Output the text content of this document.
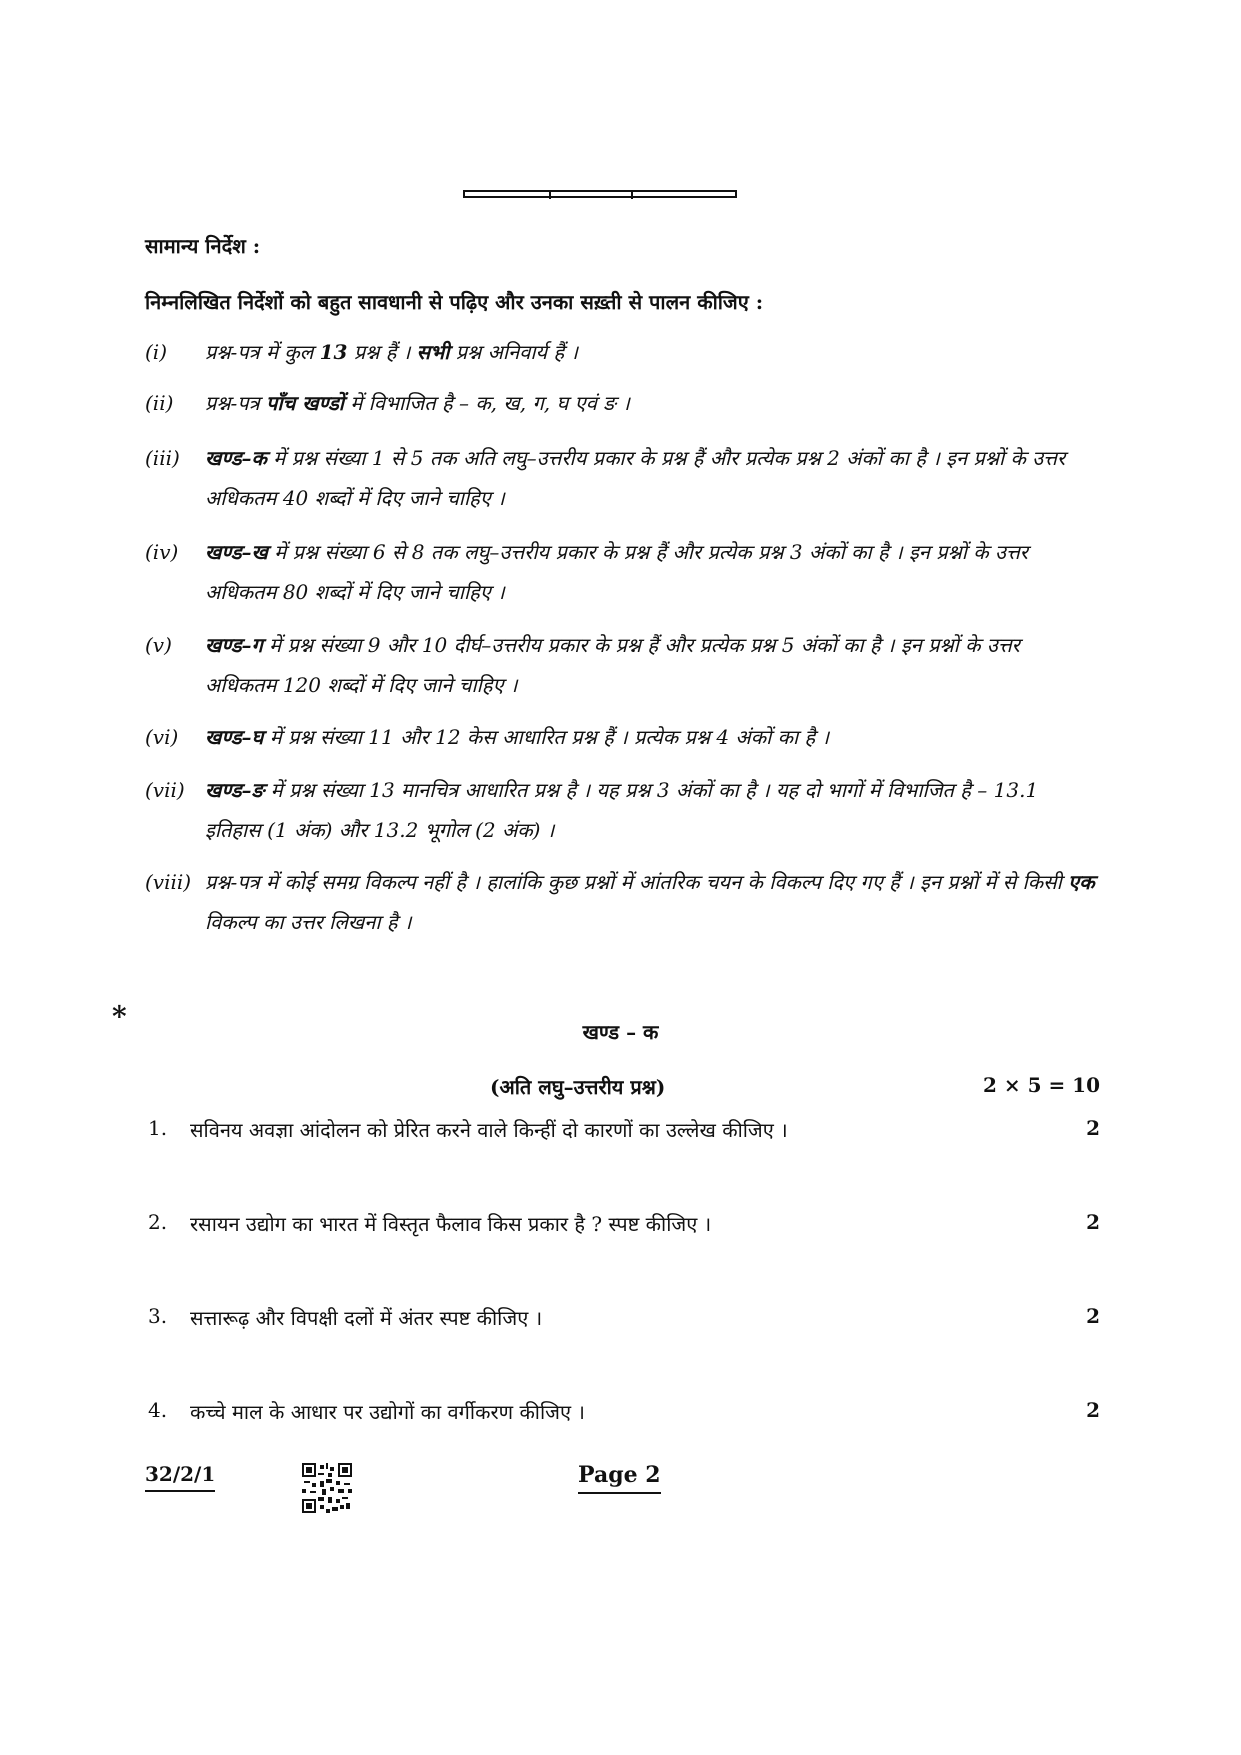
सामान्य निर्देश :
निम्नलिखित निर्देशों को बहुत सावधानी से पढ़िए और उनका सख़्ती से पालन कीजिए :
(i)	प्रश्न-पत्र में कुल 13 प्रश्न हैं । सभी प्रश्न अनिवार्य हैं ।
(ii)	प्रश्न-पत्र पाँच खण्डों में विभाजित है – क, ख, ग, घ एवं ङ ।
(iii)	खण्ड–क में प्रश्न संख्या 1 से 5 तक अति लघु–उत्तरीय प्रकार के प्रश्न हैं और प्रत्येक प्रश्न 2 अंकों का है । इन प्रश्नों के उत्तर अधिकतम 40 शब्दों में दिए जाने चाहिए ।
(iv)	खण्ड–ख में प्रश्न संख्या 6 से 8 तक लघु–उत्तरीय प्रकार के प्रश्न हैं और प्रत्येक प्रश्न 3 अंकों का है । इन प्रश्नों के उत्तर अधिकतम 80 शब्दों में दिए जाने चाहिए ।
(v)	खण्ड–ग में प्रश्न संख्या 9 और 10 दीर्घ–उत्तरीय प्रकार के प्रश्न हैं और प्रत्येक प्रश्न 5 अंकों का है । इन प्रश्नों के उत्तर अधिकतम 120 शब्दों में दिए जाने चाहिए ।
(vi)	खण्ड–घ में प्रश्न संख्या 11 और 12 केस आधारित प्रश्न हैं । प्रत्येक प्रश्न 4 अंकों का है ।
(vii)	खण्ड–ङ में प्रश्न संख्या 13 मानचित्र आधारित प्रश्न है । यह प्रश्न 3 अंकों का है । यह दो भागों में विभाजित है – 13.1 इतिहास (1 अंक) और 13.2 भूगोल (2 अंक) ।
(viii) प्रश्न-पत्र में कोई समग्र विकल्प नहीं है । हालांकि कुछ प्रश्नों में आंतरिक चयन के विकल्प दिए गए हैं । इन प्रश्नों में से किसी एक विकल्प का उत्तर लिखना है ।
*	खण्ड – क
(अति लघु–उत्तरीय प्रश्न)	2 × 5 = 10
1. सविनय अवज्ञा आंदोलन को प्रेरित करने वाले किन्हीं दो कारणों का उल्लेख कीजिए ।	2
2. रसायन उद्योग का भारत में विस्तृत फैलाव किस प्रकार है ? स्पष्ट कीजिए ।	2
3. सत्तारूढ़ और विपक्षी दलों में अंतर स्पष्ट कीजिए ।	2
4. कच्चे माल के आधार पर उद्योगों का वर्गीकरण कीजिए ।	2
32/2/1	Page 2
